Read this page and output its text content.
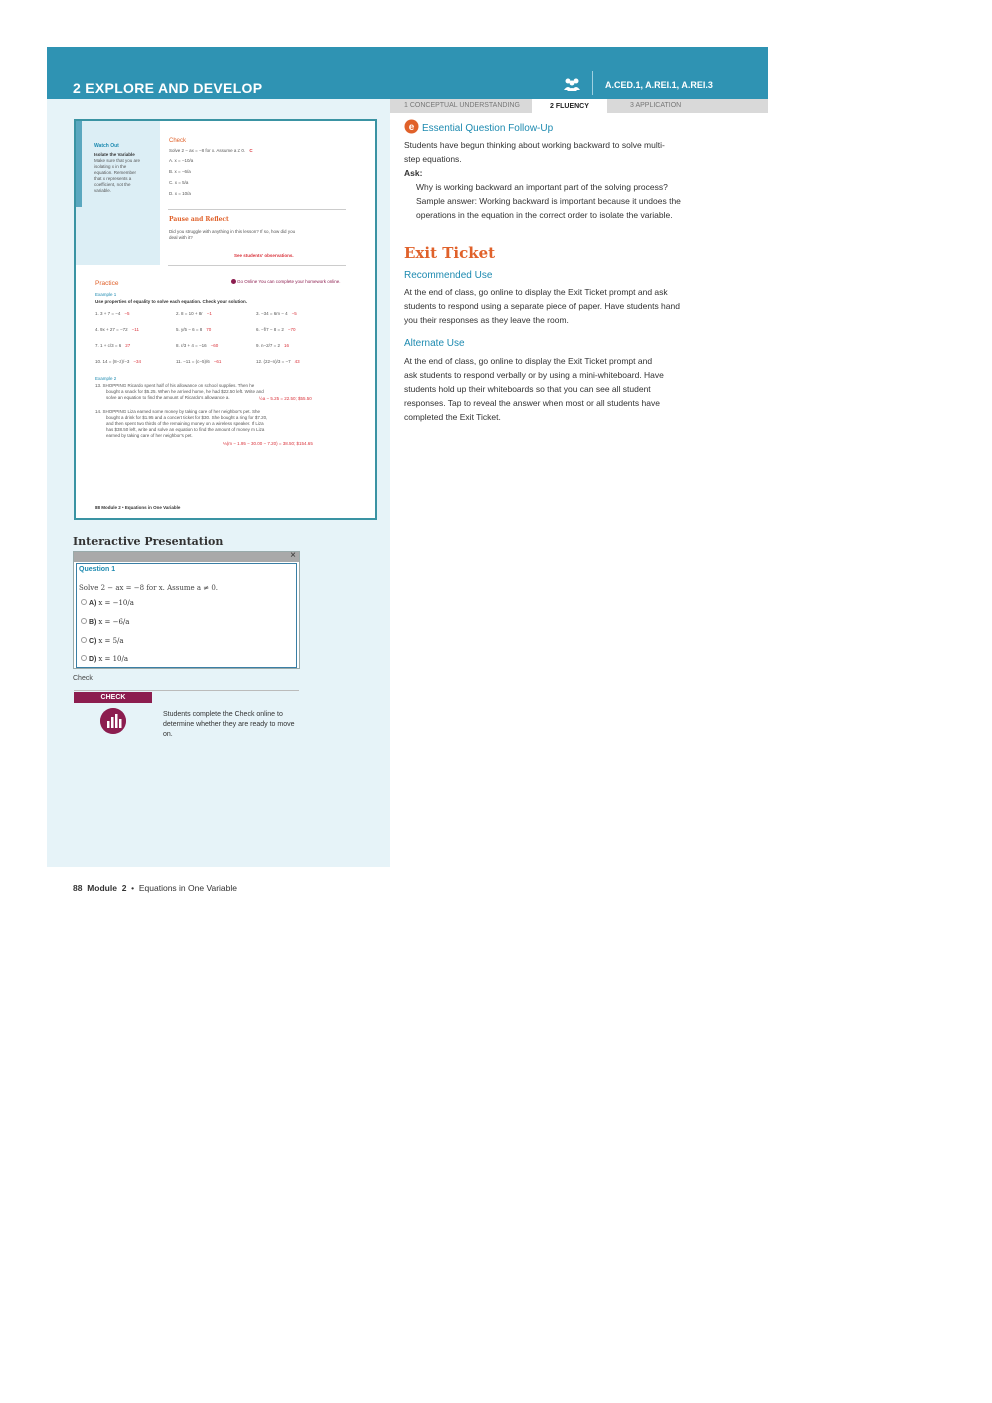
2 EXPLORE AND DEVELOP	A.CED.1, A.REI.1, A.REI.3
1 CONCEPTUAL UNDERSTANDING	2 FLUENCY	3 APPLICATION
Watch Out
Isolate the Variable
Make sure that you are
isolating x in the
equation. Remember
that x represents a
coefficient, not the
variable.
Check
Solve 2 − ax = −8 for x. Assume a ≠ 0. C
A. x = −10/a
B. x = −6/a
C. x = 5/a
D. x = 10/a
Pause and Reflect
Did you struggle with anything in this lesson? If so, how did you
deal with it?
See students' observations.
Practice	Go Online You can complete your homework online.
Example 1
Use properties of equality to solve each equation. Check your solution.
Example 2
13. SHOPPING Ricardo spent half of his allowance on school supplies. Then he
bought a snack for $5.25. When he arrived home, he had $22.50 left. Write and
solve an equation to find the amount of Ricardo's allowance a.	½a − 5.25 = 22.50; $55.50
14. SHOPPING Liza earned some money by taking care of her neighbor's pet. She
bought a drink for $1.95 and a concert ticket for $30. She bought a ring for $7.20,
and then spent two thirds of the remaining money on a wireless speaker. If Liza
has $38.50 left, write and solve an equation to find the amount of money m Liza
earned by taking care of her neighbor's pet.
⅓(m − 1.95 − 30.00 − 7.20) = 38.50; $154.65
88 Module 2 • Equations in One Variable
1. 3 + 7 = −4 −5	2. 8 = 10 + 8r −1	3. −34 = 6m − 4 −5
4. 9x + 27 = −72 −11	5. y/5 − 6 = 8 70	6. −f/7 − 8 = 2 −70
7. 1 + c/3 = 6 27	8. r/3 + 4 = −16 −60	9. n−2/7 = 2 16
10. 14 = (8−z)/−3 −34	11. −11 = (c−5)/6 −61	12. (22−n)/3 = −7 43
Interactive Presentation
×
Question 1
Solve 2 − ax = −8 for x. Assume a ≠ 0.
A) x = −10/a
B) x = −6/a
C) x = 5/a
D) x = 10/a
Check
CHECK
Students complete the Check online to determine whether they are ready to move on.
e Essential Question Follow-Up
Students have begun thinking about working backward to solve multi-
step equations.
Ask:
Why is working backward an important part of the solving process?
Sample answer: Working backward is important because it undoes the
operations in the equation in the correct order to isolate the variable.
Exit Ticket
Recommended Use
At the end of class, go online to display the Exit Ticket prompt and ask
students to respond using a separate piece of paper. Have students hand
you their responses as they leave the room.
Alternate Use
At the end of class, go online to display the Exit Ticket prompt and
ask students to respond verbally or by using a mini-whiteboard. Have
students hold up their whiteboards so that you can see all student
responses. Tap to reveal the answer when most or all students have
completed the Exit Ticket.
88 Module 2 • Equations in One Variable
